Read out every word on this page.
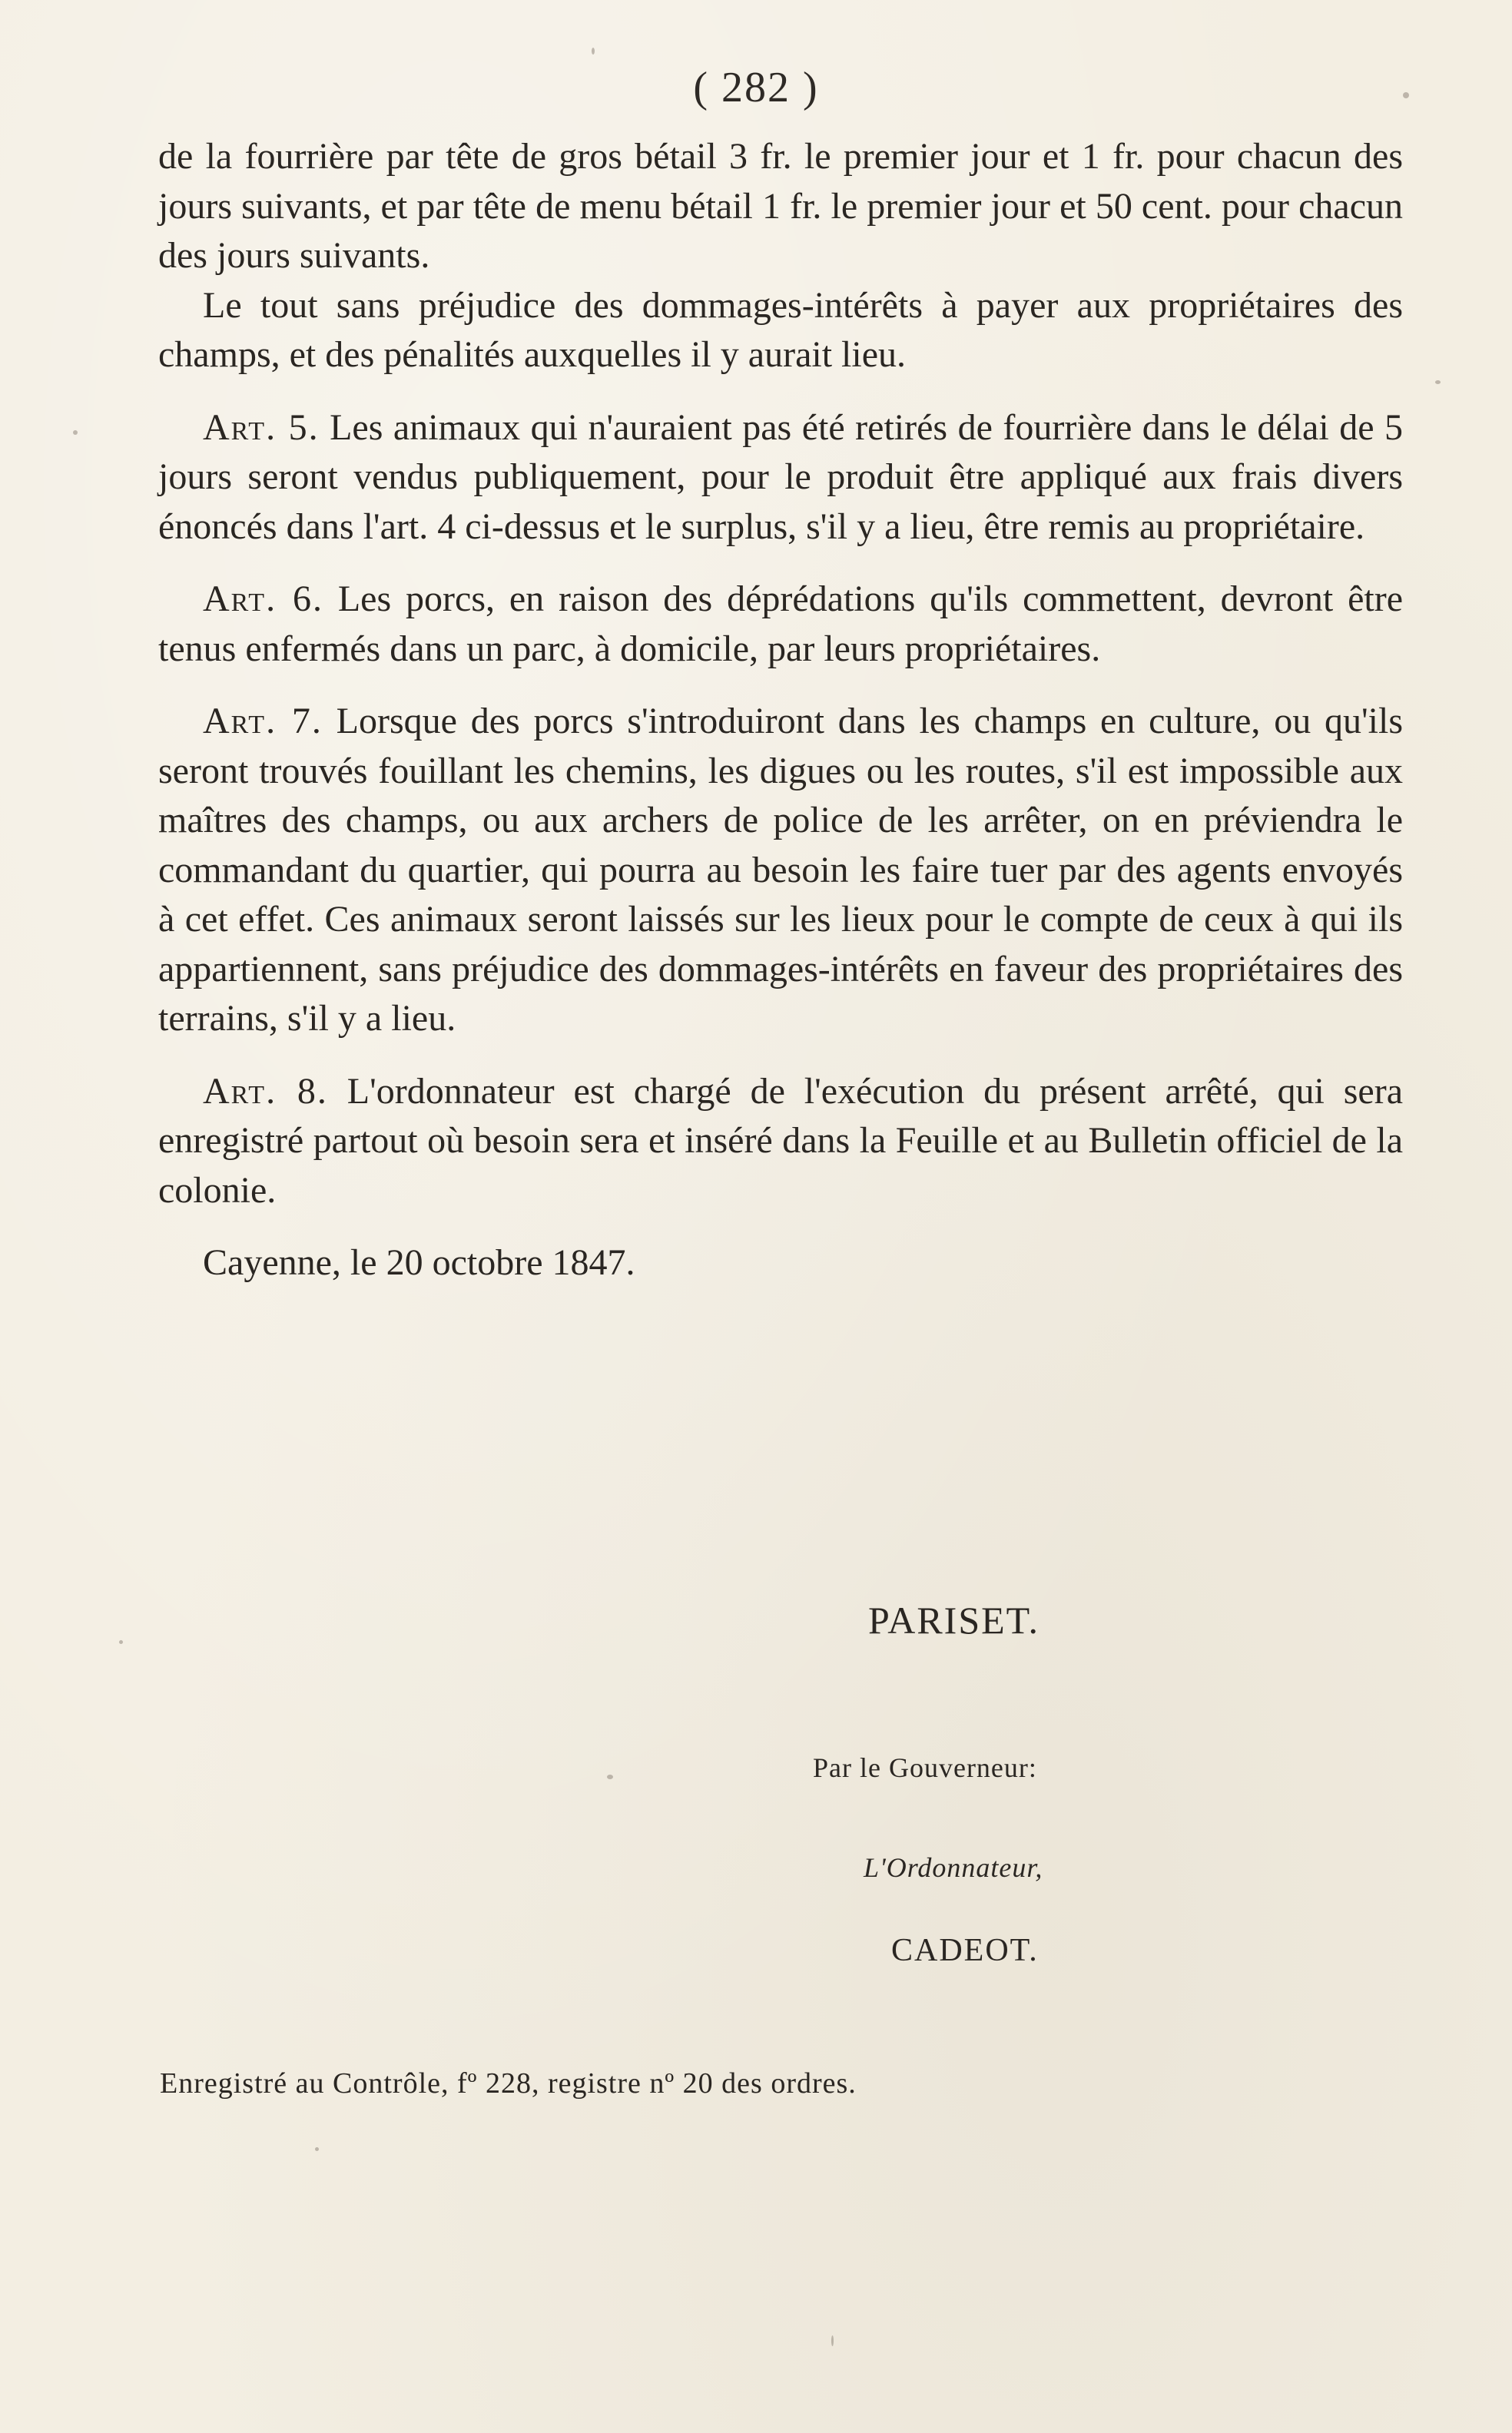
( 282 )

de la fourrière par tête de gros bétail 3 fr. le premier jour et 1 fr. pour chacun des jours suivants, et par tête de menu bétail 1 fr. le premier jour et 50 cent. pour chacun des jours suivants.

Le tout sans préjudice des dommages-intérêts à payer aux propriétaires des champs, et des pénalités auxquelles il y aurait lieu.

Art. 5. Les animaux qui n'auraient pas été retirés de fourrière dans le délai de 5 jours seront vendus publiquement, pour le produit être appliqué aux frais divers énoncés dans l'art. 4 ci-dessus et le surplus, s'il y a lieu, être remis au propriétaire.

Art. 6. Les porcs, en raison des déprédations qu'ils commettent, devront être tenus enfermés dans un parc, à domicile, par leurs propriétaires.

Art. 7. Lorsque des porcs s'introduiront dans les champs en culture, ou qu'ils seront trouvés fouillant les chemins, les digues ou les routes, s'il est impossible aux maîtres des champs, ou aux archers de police de les arrêter, on en préviendra le commandant du quartier, qui pourra au besoin les faire tuer par des agents envoyés à cet effet. Ces animaux seront laissés sur les lieux pour le compte de ceux à qui ils appartiennent, sans préjudice des dommages-intérêts en faveur des propriétaires des terrains, s'il y a lieu.

Art. 8. L'ordonnateur est chargé de l'exécution du présent arrêté, qui sera enregistré partout où besoin sera et inséré dans la Feuille et au Bulletin officiel de la colonie.

Cayenne, le 20 octobre 1847.

PARISET.
Par le Gouverneur:
L'Ordonnateur,
CADEOT.
Enregistré au Contrôle, fº 228, registre nº 20 des ordres.
